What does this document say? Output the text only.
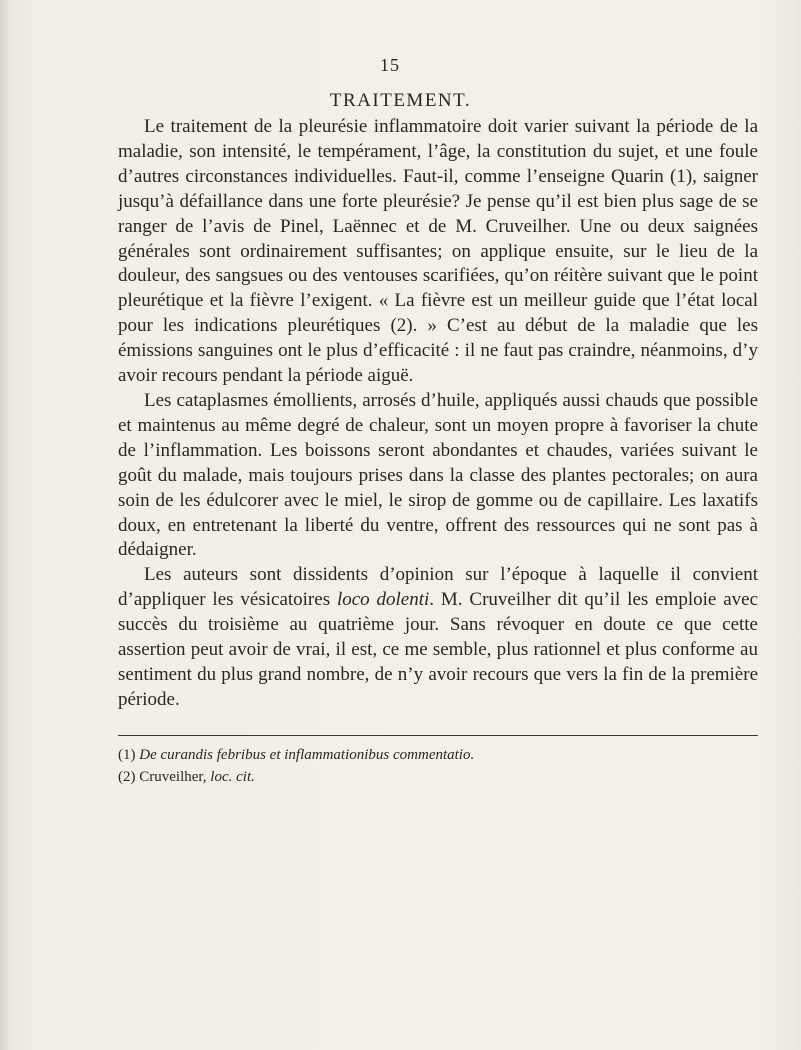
15
TRAITEMENT.

Le traitement de la pleurésie inflammatoire doit varier suivant la période de la maladie, son intensité, le tempérament, l’âge, la constitution du sujet, et une foule d’autres circonstances individuelles. Faut-il, comme l’enseigne Quarin (1), saigner jusqu’à défaillance dans une forte pleurésie? Je pense qu’il est bien plus sage de se ranger de l’avis de Pinel, Laënnec et de M. Cruveilher. Une ou deux saignées générales sont ordinairement suffisantes; on applique ensuite, sur le lieu de la douleur, des sangsues ou des ventouses scarifiées, qu’on réitère suivant que le point pleurétique et la fièvre l’exigent. « La fièvre est un meilleur guide que l’état local pour les indications pleurétiques (2). » C’est au début de la maladie que les émissions sanguines ont le plus d’efficacité : il ne faut pas craindre, néanmoins, d’y avoir recours pendant la période aiguë.

Les cataplasmes émollients, arrosés d’huile, appliqués aussi chauds que possible et maintenus au même degré de chaleur, sont un moyen propre à favoriser la chute de l’inflammation. Les boissons seront abondantes et chaudes, variées suivant le goût du malade, mais toujours prises dans la classe des plantes pectorales; on aura soin de les édulcorer avec le miel, le sirop de gomme ou de capillaire. Les laxatifs doux, en entretenant la liberté du ventre, offrent des ressources qui ne sont pas à dédaigner.

Les auteurs sont dissidents d’opinion sur l’époque à laquelle il convient d’appliquer les vésicatoires loco dolenti. M. Cruveilher dit qu’il les emploie avec succès du troisième au quatrième jour. Sans révoquer en doute ce que cette assertion peut avoir de vrai, il est, ce me semble, plus rationnel et plus conforme au sentiment du plus grand nombre, de n’y avoir recours que vers la fin de la première période.

(1) De curandis febribus et inflammationibus commentatio.

(2) Cruveilher, loc. cit.
